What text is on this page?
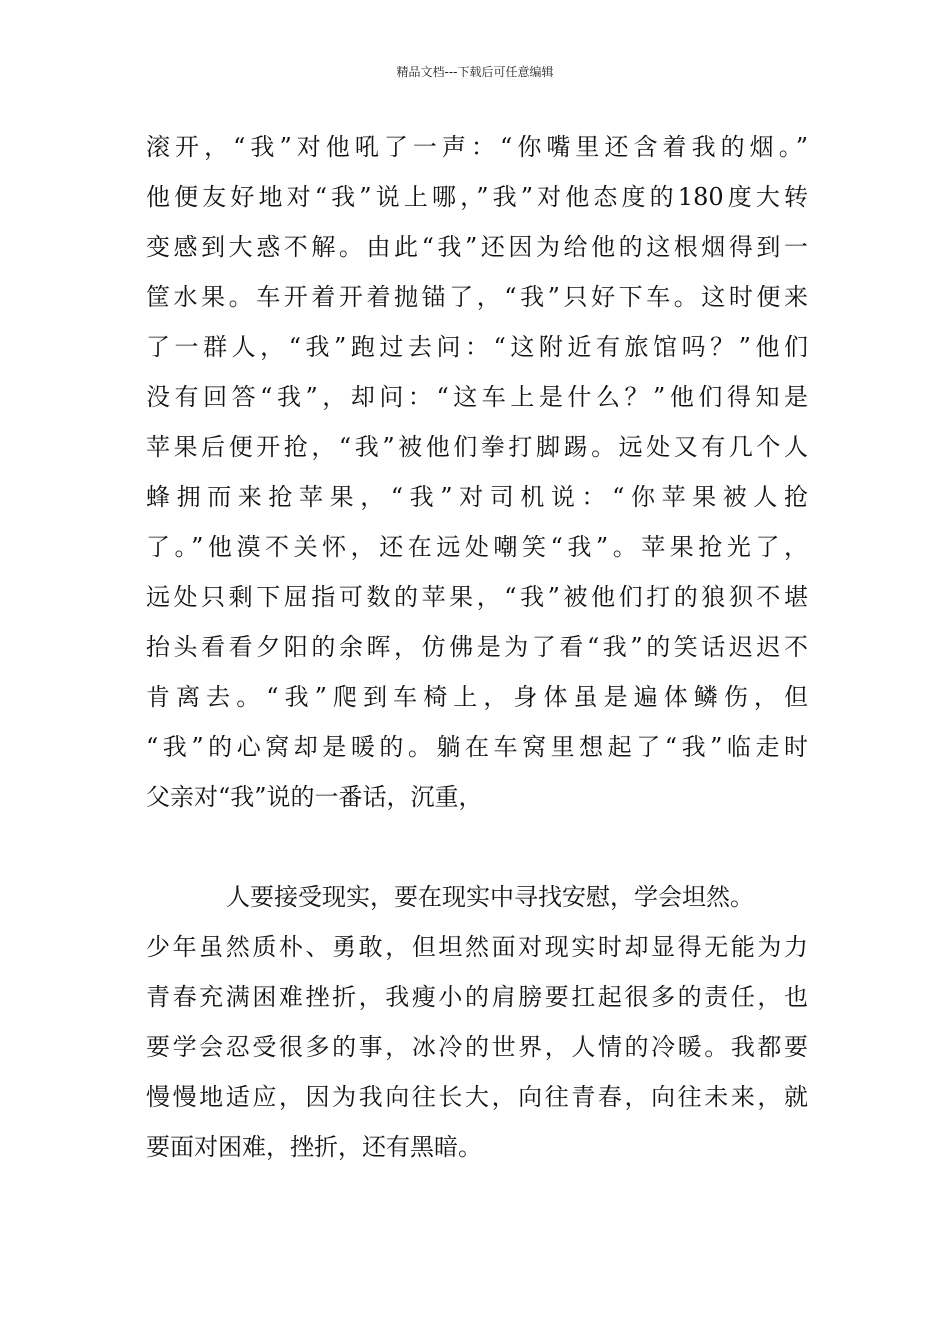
精品文档---下载后可任意编辑
滚开，“我”对他吼了一声：“你嘴里还含着我的烟。”
他便友好地对“我”说上哪，”我”对他态度的180度大转
变感到大惑不解。由此“我”还因为给他的这根烟得到一
筐水果。车开着开着抛锚了，“我”只好下车。这时便来
了一群人，“我”跑过去问：“这附近有旅馆吗？”他们
没有回答“我”，却问：“这车上是什么？”他们得知是
苹果后便开抢，“我”被他们拳打脚踢。远处又有几个人
蜂拥而来抢苹果，“我”对司机说：“你苹果被人抢
了。”他漠不关怀，还在远处嘲笑“我”。苹果抢光了，
远处只剩下屈指可数的苹果，“我”被他们打的狼狈不堪
抬头看看夕阳的余晖，仿佛是为了看“我”的笑话迟迟不
肯离去。“我”爬到车椅上，身体虽是遍体鳞伤，但
“我”的心窝却是暖的。躺在车窝里想起了“我”临走时
父亲对“我”说的一番话，沉重，
人要接受现实，要在现实中寻找安慰，学会坦然。
少年虽然质朴、勇敢，但坦然面对现实时却显得无能为力
青春充满困难挫折，我瘦小的肩膀要扛起很多的责任，也
要学会忍受很多的事，冰冷的世界，人情的冷暖。我都要
慢慢地适应，因为我向往长大，向往青春，向往未来，就
要面对困难，挫折，还有黑暗。
